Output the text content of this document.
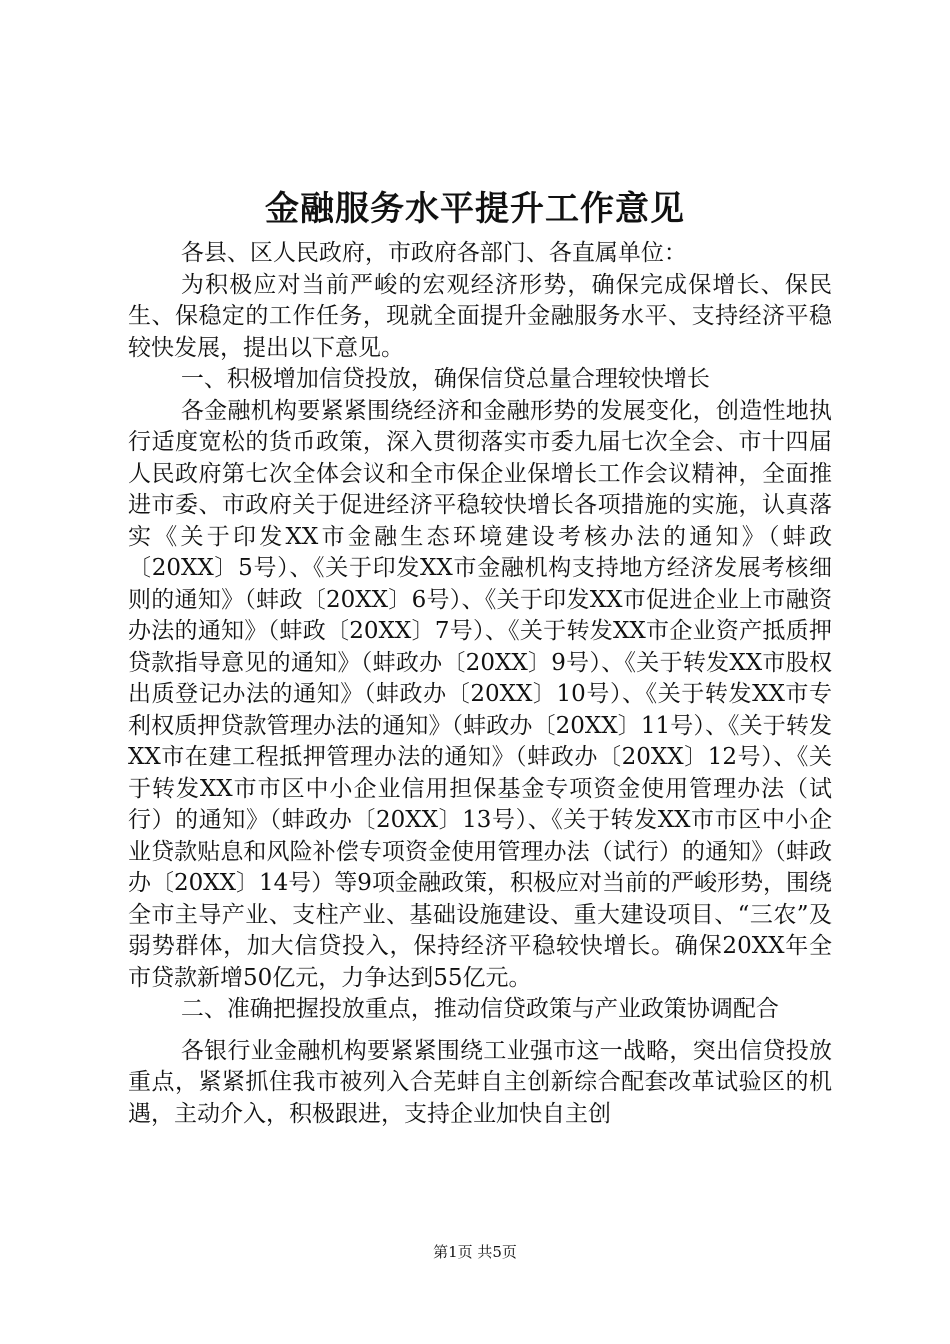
金融服务水平提升工作意见

各县、区人民政府，市政府各部门、各直属单位：

为积极应对当前严峻的宏观经济形势，确保完成保增长、保民生、保稳定的工作任务，现就全面提升金融服务水平、支持经济平稳较快发展，提出以下意见。

一、积极增加信贷投放，确保信贷总量合理较快增长

各金融机构要紧紧围绕经济和金融形势的发展变化，创造性地执行适度宽松的货币政策，深入贯彻落实市委九届七次全会、市十四届人民政府第七次全体会议和全市保企业保增长工作会议精神，全面推进市委、市政府关于促进经济平稳较快增长各项措施的实施，认真落实《关于印发XX市金融生态环境建设考核办法的通知》（蚌政〔20XX〕5号）、《关于印发XX市金融机构支持地方经济发展考核细则的通知》（蚌政〔20XX〕6号）、《关于印发XX市促进企业上市融资办法的通知》（蚌政〔20XX〕7号）、《关于转发XX市企业资产抵质押贷款指导意见的通知》（蚌政办〔20XX〕9号）、《关于转发XX市股权出质登记办法的通知》（蚌政办〔20XX〕10号）、《关于转发XX市专利权质押贷款管理办法的通知》（蚌政办〔20XX〕11号）、《关于转发XX市在建工程抵押管理办法的通知》（蚌政办〔20XX〕12号）、《关于转发XX市市区中小企业信用担保基金专项资金使用管理办法（试行）的通知》（蚌政办〔20XX〕13号）、《关于转发XX市市区中小企业贷款贴息和风险补偿专项资金使用管理办法（试行）的通知》（蚌政办〔20XX〕14号）等9项金融政策，积极应对当前的严峻形势，围绕全市主导产业、支柱产业、基础设施建设、重大建设项目、“三农”及弱势群体，加大信贷投入，保持经济平稳较快增长。确保20XX年全市贷款新增50亿元，力争达到55亿元。

二、准确把握投放重点，推动信贷政策与产业政策协调配合

各银行业金融机构要紧紧围绕工业强市这一战略，突出信贷投放重点，紧紧抓住我市被列入合芜蚌自主创新综合配套改革试验区的机遇，主动介入，积极跟进，支持企业加快自主创

第1页 共5页
